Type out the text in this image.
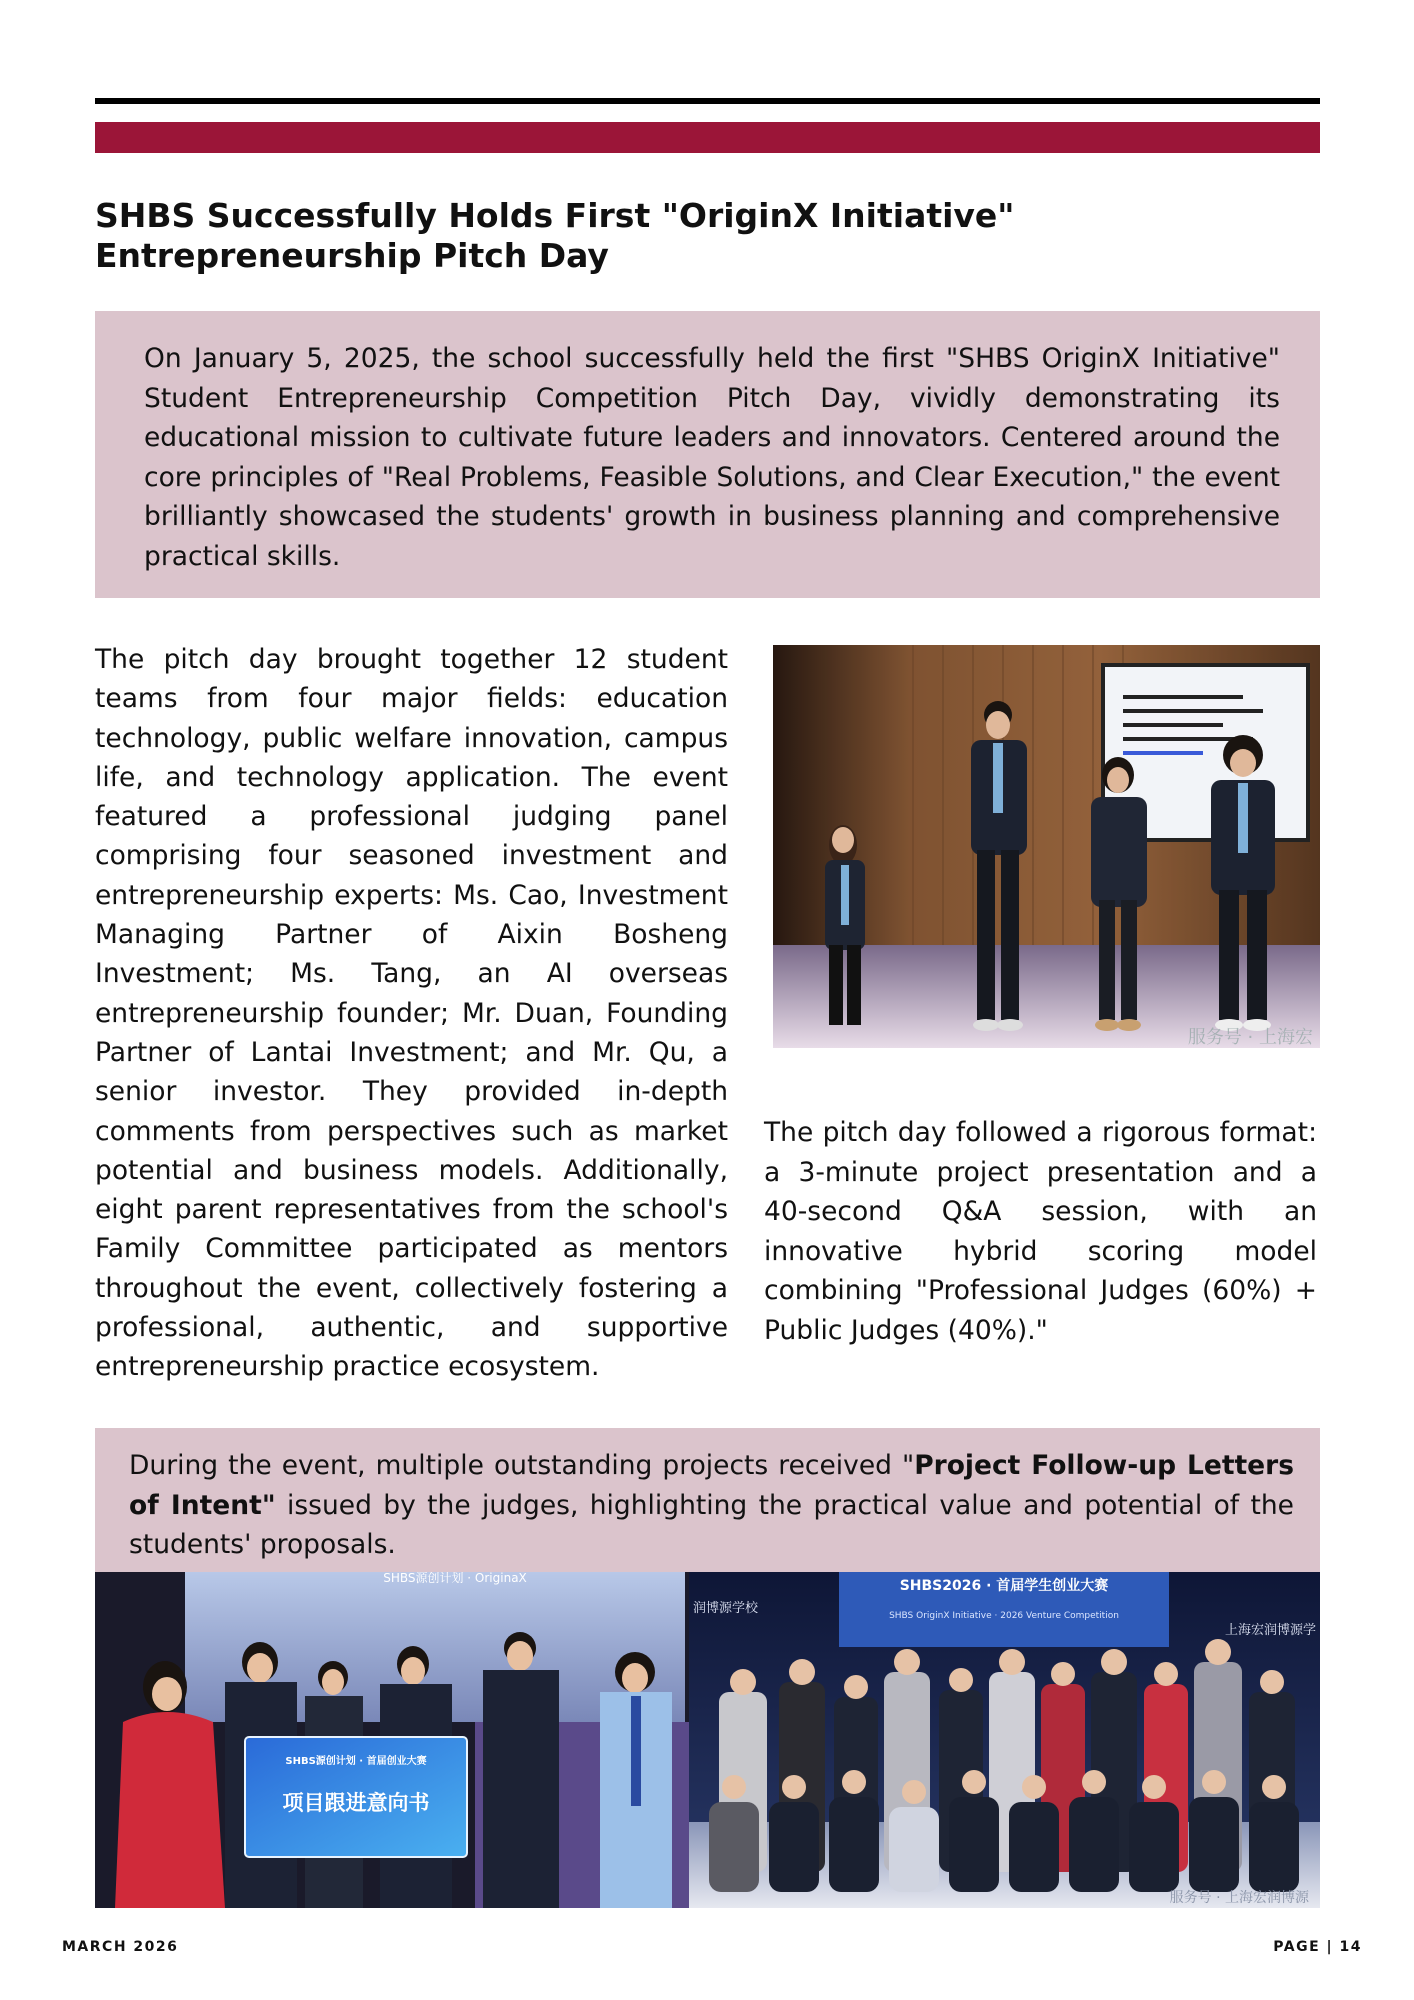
SHBS Successfully Holds First "OriginX Initiative" Entrepreneurship Pitch Day

On January 5, 2025, the school successfully held the first "SHBS OriginX Initiative" Student Entrepreneurship Competition Pitch Day, vividly demonstrating its educational mission to cultivate future leaders and innovators. Centered around the core principles of "Real Problems, Feasible Solutions, and Clear Execution," the event brilliantly showcased the students' growth in business planning and comprehensive practical skills.

The pitch day brought together 12 student teams from four major fields: education technology, public welfare innovation, campus life, and technology application. The event featured a professional judging panel comprising four seasoned investment and entrepreneurship experts: Ms. Cao, Investment Managing Partner of Aixin Bosheng Investment; Ms. Tang, an AI overseas entrepreneurship founder; Mr. Duan, Founding Partner of Lantai Investment; and Mr. Qu, a senior investor. They provided in-depth comments from perspectives such as market potential and business models. Additionally, eight parent representatives from the school's Family Committee participated as mentors throughout the event, collectively fostering a professional, authentic, and supportive entrepreneurship practice ecosystem.

服务号 · 上海宏

The pitch day followed a rigorous format: a 3-minute project presentation and a 40-second Q&A session, with an innovative hybrid scoring model combining "Professional Judges (60%) + Public Judges (40%)."

During the event, multiple outstanding projects received "Project Follow-up Letters of Intent" issued by the judges, highlighting the practical value and potential of the students' proposals.

SHBS源创计划 · OriginaX
SHBS源创计划 · 首届创业大赛
项目跟进意向书
SHBS2026 · 首届学生创业大赛
SHBS OriginX Initiative · 2026 Venture Competition
上海宏润博源学
润博源学校
服务号 · 上海宏润博源
MARCH 2026	PAGE | 14
